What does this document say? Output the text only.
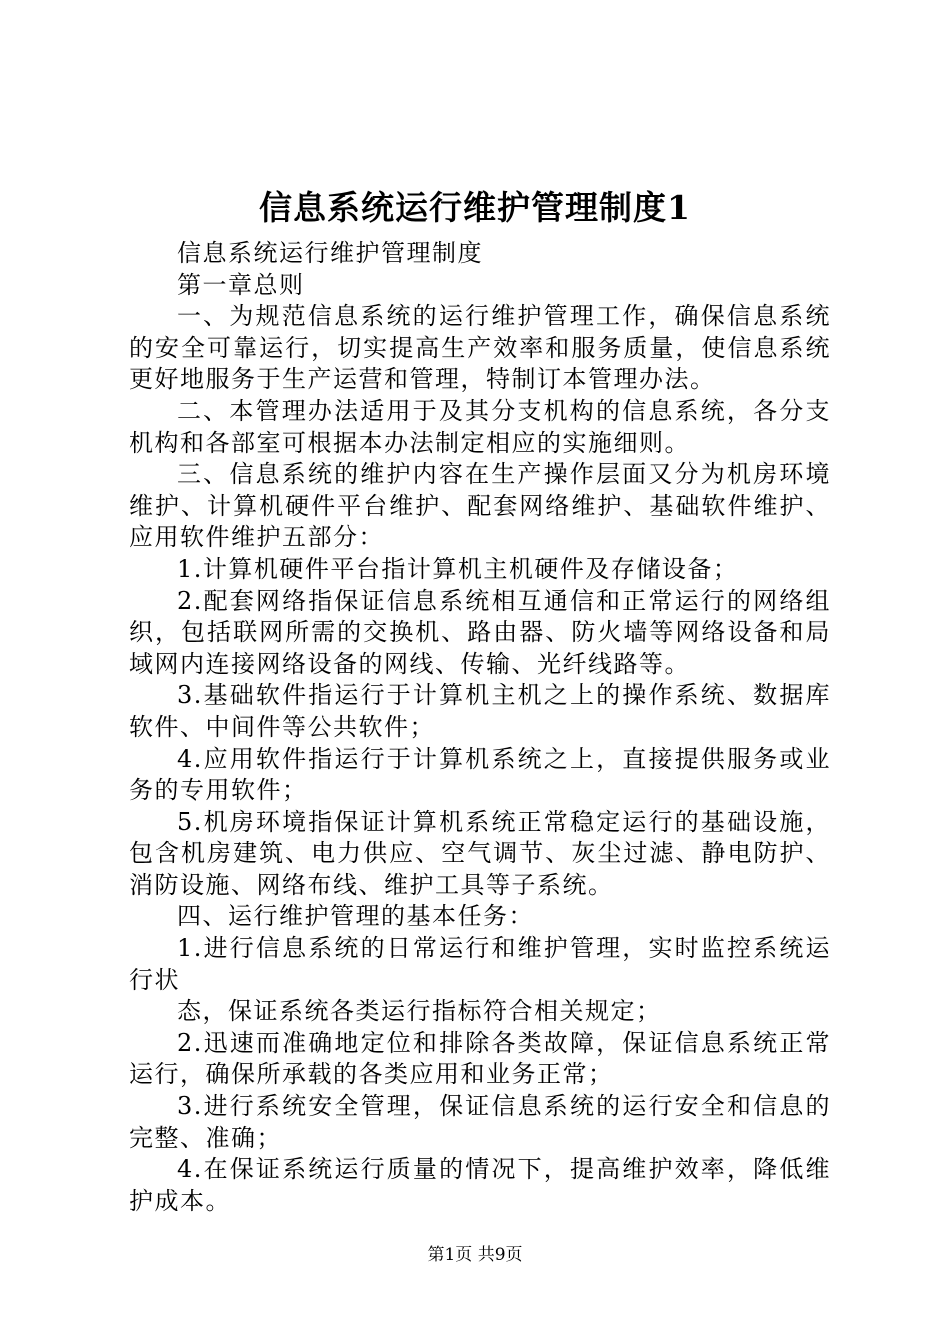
信息系统运行维护管理制度1

信息系统运行维护管理制度

第一章总则

一、为规范信息系统的运行维护管理工作，确保信息系统的安全可靠运行，切实提高生产效率和服务质量，使信息系统更好地服务于生产运营和管理，特制订本管理办法。

二、本管理办法适用于及其分支机构的信息系统，各分支机构和各部室可根据本办法制定相应的实施细则。

三、信息系统的维护内容在生产操作层面又分为机房环境维护、计算机硬件平台维护、配套网络维护、基础软件维护、应用软件维护五部分：

1.计算机硬件平台指计算机主机硬件及存储设备；

2.配套网络指保证信息系统相互通信和正常运行的网络组织，包括联网所需的交换机、路由器、防火墙等网络设备和局域网内连接网络设备的网线、传输、光纤线路等。

3.基础软件指运行于计算机主机之上的操作系统、数据库软件、中间件等公共软件；

4.应用软件指运行于计算机系统之上，直接提供服务或业务的专用软件；

5.机房环境指保证计算机系统正常稳定运行的基础设施，包含机房建筑、电力供应、空气调节、灰尘过滤、静电防护、消防设施、网络布线、维护工具等子系统。

四、运行维护管理的基本任务：

1.进行信息系统的日常运行和维护管理，实时监控系统运行状

态，保证系统各类运行指标符合相关规定；

2.迅速而准确地定位和排除各类故障，保证信息系统正常运行，确保所承载的各类应用和业务正常；

3.进行系统安全管理，保证信息系统的运行安全和信息的完整、准确；

4.在保证系统运行质量的情况下，提高维护效率，降低维护成本。

第1页 共9页
